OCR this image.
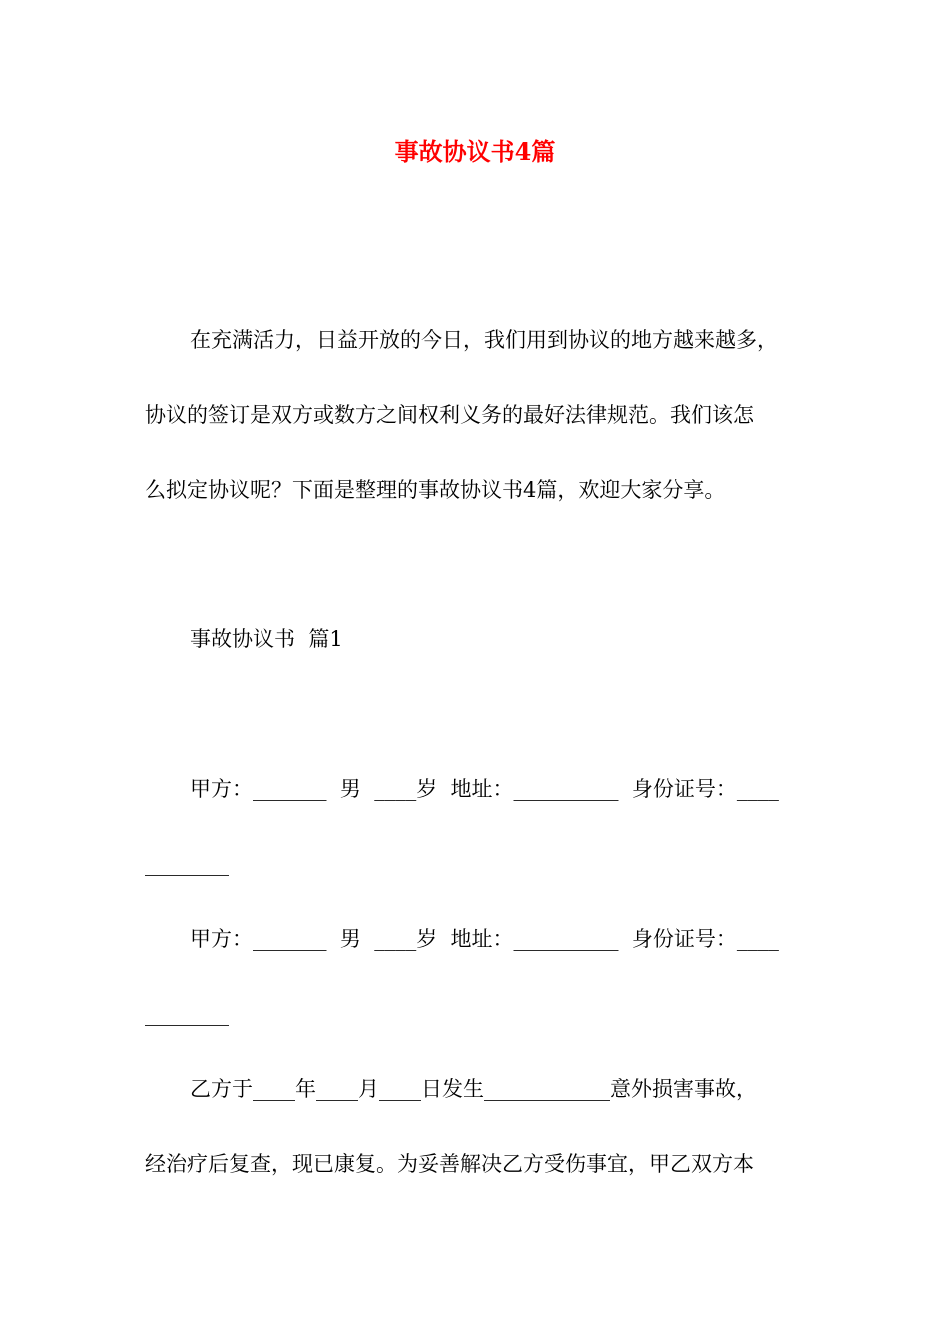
事故协议书4篇
在充满活力，日益开放的今日，我们用到协议的地方越来越多，
协议的签订是双方或数方之间权利义务的最好法律规范。我们该怎
么拟定协议呢？下面是整理的事故协议书4篇，欢迎大家分享。
事故协议书  篇1
甲方：_______  男  ____岁  地址：__________  身份证号：____
________
甲方：_______  男  ____岁  地址：__________  身份证号：____
________
乙方于____年____月____日发生____________意外损害事故，
经治疗后复查，现已康复。为妥善解决乙方受伤事宜，甲乙双方本
